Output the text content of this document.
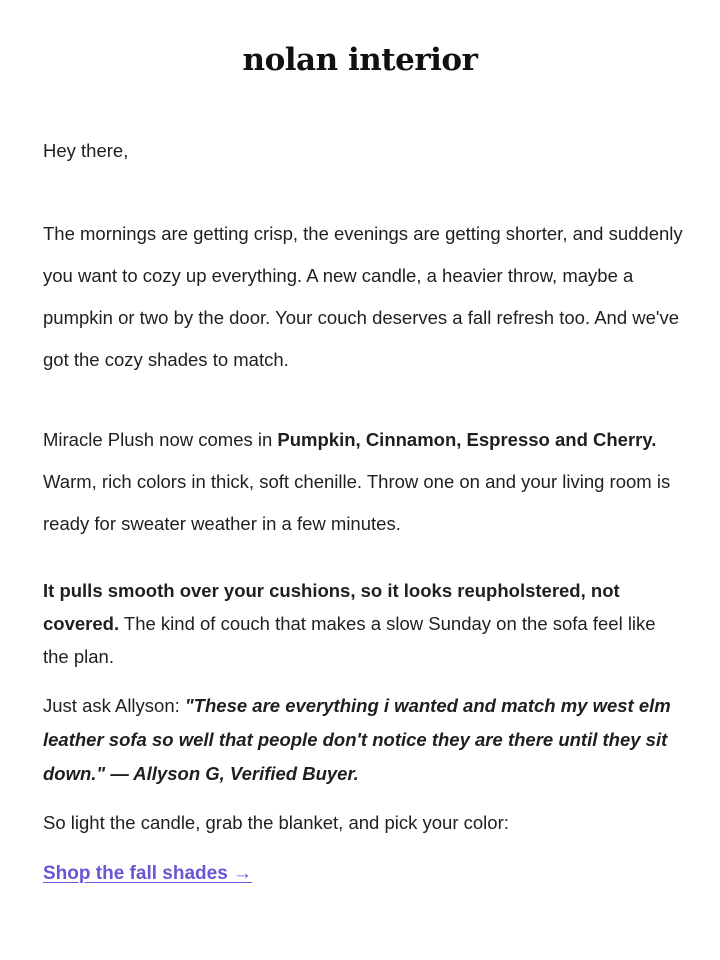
nolan interior

Hey there,

The mornings are getting crisp, the evenings are getting shorter, and suddenly you want to cozy up everything. A new candle, a heavier throw, maybe a pumpkin or two by the door. Your couch deserves a fall refresh too. And we've got the cozy shades to match.

Miracle Plush now comes in Pumpkin, Cinnamon, Espresso and Cherry. Warm, rich colors in thick, soft chenille. Throw one on and your living room is ready for sweater weather in a few minutes.

It pulls smooth over your cushions, so it looks reupholstered, not covered. The kind of couch that makes a slow Sunday on the sofa feel like the plan.

Just ask Allyson: "These are everything i wanted and match my west elm leather sofa so well that people don't notice they are there until they sit down." — Allyson G, Verified Buyer.

So light the candle, grab the blanket, and pick your color:

Shop the fall shades →
